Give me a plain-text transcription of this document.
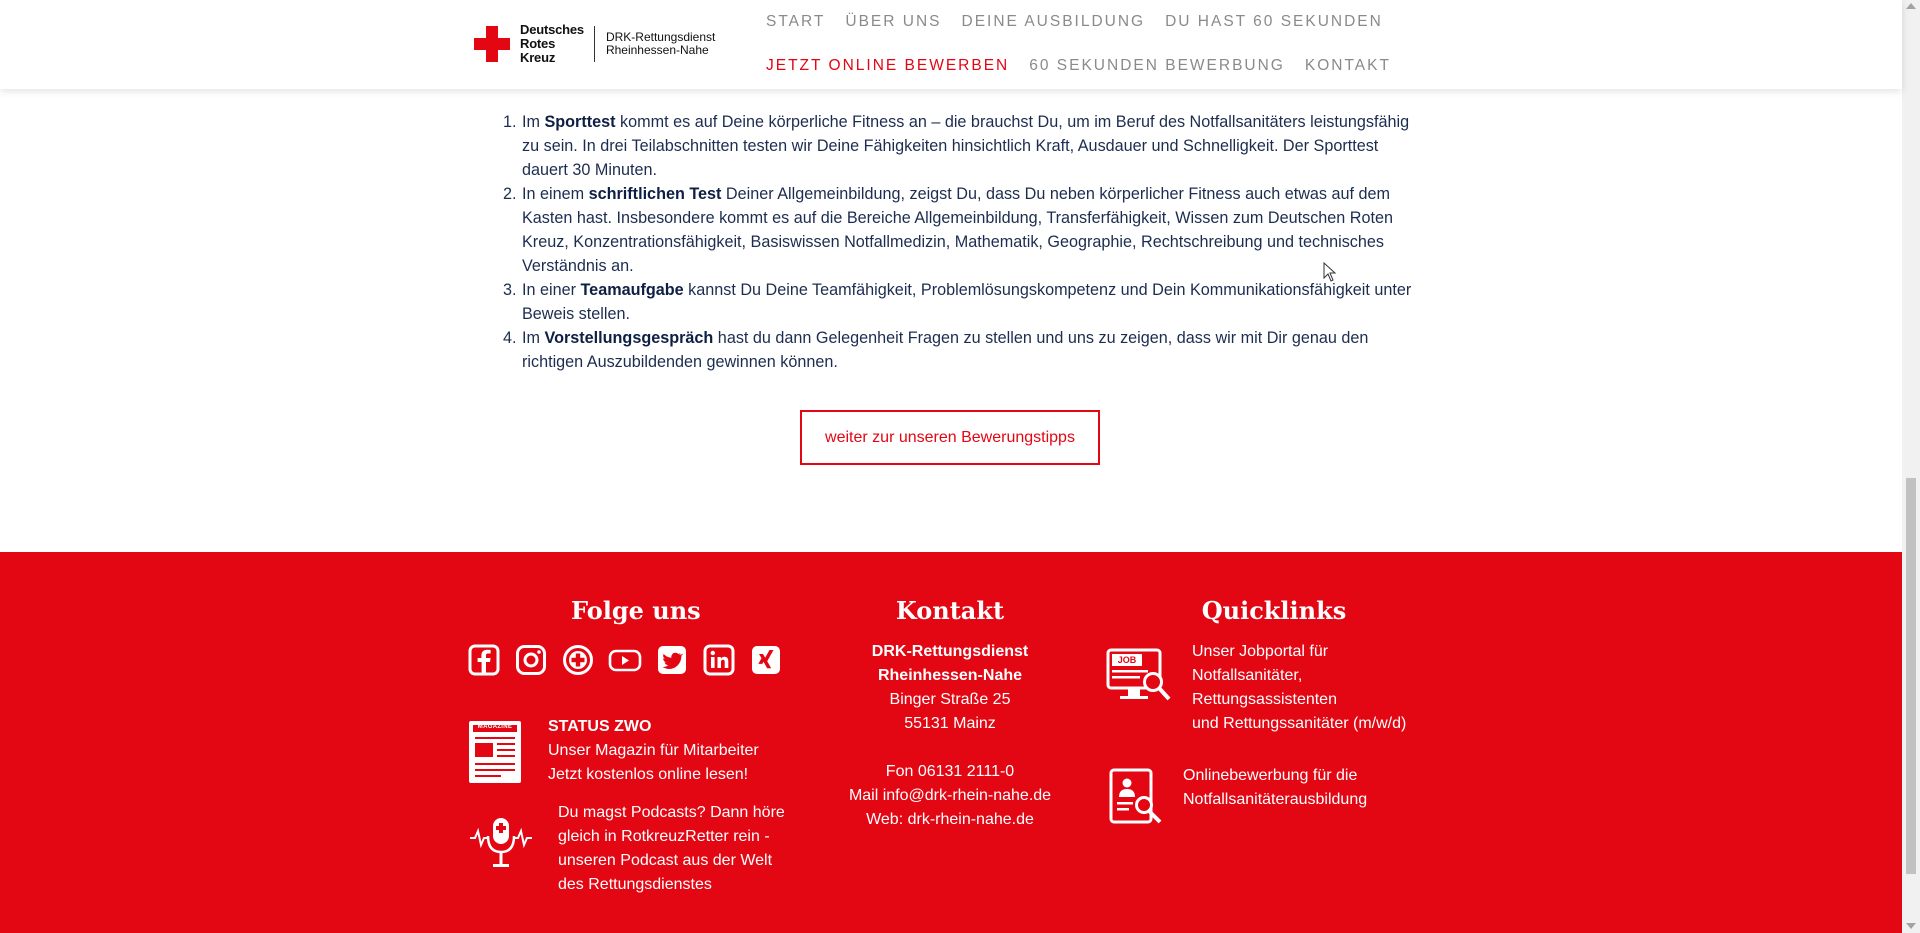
Deutsches
Rotes
Kreuz
DRK-Rettungsdienst
Rheinhessen-Nahe
START ÜBER UNS DEINE AUSBILDUNG DU HAST 60 SEKUNDEN
JETZT ONLINE BEWERBEN 60 SEKUNDEN BEWERBUNG KONTAKT
1. Im Sporttest kommt es auf Deine körperliche Fitness an – die brauchst Du, um im Beruf des Notfallsanitäters leistungsfähig zu sein. In drei Teilabschnitten testen wir Deine Fähigkeiten hinsichtlich Kraft, Ausdauer und Schnelligkeit. Der Sporttest dauert 30 Minuten.
2. In einem schriftlichen Test Deiner Allgemeinbildung, zeigst Du, dass Du neben körperlicher Fitness auch etwas auf dem Kasten hast. Insbesondere kommt es auf die Bereiche Allgemeinbildung, Transferfähigkeit, Wissen zum Deutschen Roten Kreuz, Konzentrationsfähigkeit, Basiswissen Notfallmedizin, Mathematik, Geographie, Rechtschreibung und technisches Verständnis an.
3. In einer Teamaufgabe kannst Du Deine Teamfähigkeit, Problemlösungskompetenz und Dein Kommunikationsfähigkeit unter Beweis stellen.
4. Im Vorstellungsgespräch hast du dann Gelegenheit Fragen zu stellen und uns zu zeigen, dass wir mit Dir genau den richtigen Auszubildenden gewinnen können.
weiter zur unseren Bewerungstipps
Folge uns
MAGAZINE STATUS ZWO
Unser Magazin für Mitarbeiter
Jetzt kostenlos online lesen!
Du magst Podcasts? Dann höre
gleich in RotkreuzRetter rein -
unseren Podcast aus der Welt
des Rettungsdienstes
Kontakt
DRK-Rettungsdienst
Rheinhessen-Nahe
Binger Straße 25
55131 Mainz
Fon 06131 2111-0
Mail info@drk-rhein-nahe.de
Web: drk-rhein-nahe.de
Quicklinks
JOB	Unser Jobportal für
Notfallsanitäter,
Rettungsassistenten
und Rettungssanitäter (m/w/d)
Onlinebewerbung für die
Notfallsanitäterausbildung
